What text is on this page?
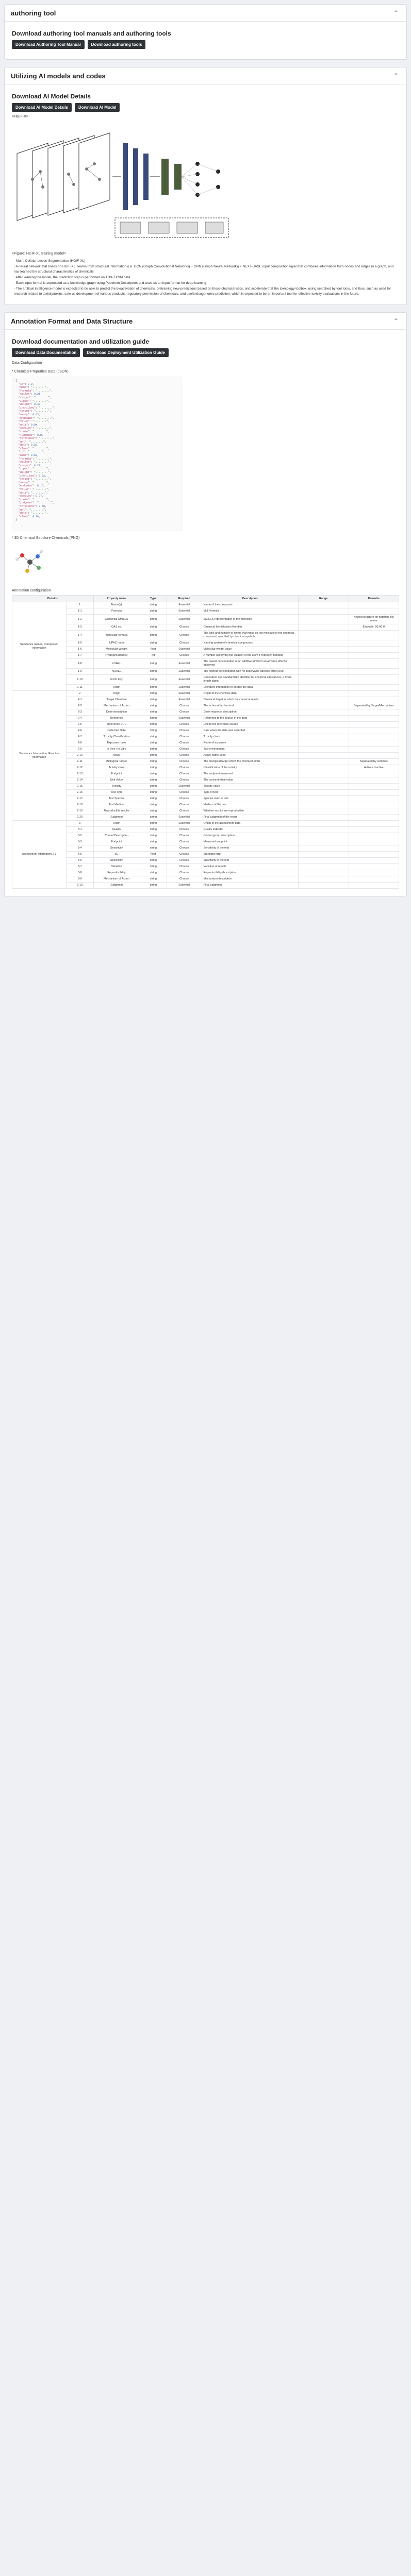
authoring tool	⌃
Download authoring tool manuals and authoring tools
Download Authoring Tool Manual	Download authoring tools
Utilizing AI models and codes	⌃
Download AI Model Details
Download AI Model Details	Download AI Model
<HGIF-X>
<Figure: HGIF-XL training model>

- Main: Cellular Lesion Segmentation (HGIF-XL)

: A neural network that builds on HGIF-XL: learns from structural information (i.e. GCN (Graph Convolutional Networks) + GNN (Graph Neural Network)) + NEXT-BASE input composition layer that combines information from nodes and edges in a graph, and has learned the structural characteristics of chemicals

: After learning the model, the prediction step is performed on TOX-TXSM data

- Each input format is expressed as a knowledge graph using Pubchem Descriptors and used as an input format for deep learning

- The artificial intelligence model is expected to be able to predict the bioactivation of chemicals, pretraining new predictions based on those characteristics, and accelerate that the toxicology toolbox, using searched by tool tools, and thus, such as used for research related to toxicity/toxins, safe as development of various products, regulatory permission of chemicals, and use/toxicogenomic prediction, which is expected to be an important tool for effective toxicity evaluations in the future.

Annotation Format and Data Structure	⌃
Download documentation and utilization guide
Download Data Documentation	Download Deployment Utilization Guide
Data Configuration
* Chemical Properties Data (JSON)
{
"id": 0.0,
"name": "........",
"formula": "........",
"smiles": 0.21,
"cas_no": "........",
"iupac": "........",
"weight": 0.42,
"inchi_key": "........",
"target": "........",
"assay": 0.63,
"endpoint": "........",
"value": "........",
"unit": 0.84,
"species": "........",
"route": "........",
"judgment": 0.8,
"reference": "........",
"url": "........",
"date": 0.29,
"class": "........",
"id": "........",
"name": 0.50,
"formula": "........",
"smiles": "........",
"cas_no": 0.71,
"iupac": "........",
"weight": "........",
"inchi_key": 0.92,
"target": "........",
"assay": "........",
"endpoint": 0.16,
"value": "........",
"unit": "........",
"species": 0.37,
"route": "........",
"judgment": "........",
"reference": 0.58,
"url": "........",
"date": "........",
"class": 0.79,
}
* 3D Chemical Structure Chemicals (PNG)
Annotation configuration
Division		Property name	Type	Required	Description	Range	Remarks
Substance names, Component Information	1	Name(s)	string	Essential	Name of the compound		
	1-1	Formula	string	Essential	Mol Formula		
	1-2	Canonical SMILES	string	Essential	SMILES representation of the molecule		Nested structure for notation, file name
	1-3	CAS no.	string	Choose	Chemical Identification Number		Example: 50-00-0
	1-4	molecular formula	string	Choose	The type and number of atoms that make up the molecule in the chemical compound, specified by chemical symbols		
	1-5	IUPAC name	string	Choose	Naming system of chemical compounds		
	1-6	Molecular Weight	float	Essential	Molecular weight value		
	1-7	Hydrogen bond(s)	int	Choose	A number specifying the location of the atom's hydrogen bonding		
	1-8	LOAEL	string	Essential	The lowest concentration of an additive at which an adverse effect is observed		
	1-9	NOAEL	string	Essential	The highest concentration with no observable adverse effect level		
	1-10	InChI Key	string	Essential	Dependent and standardized identifier for chemical substances, a fixed-length digest		
	1-11	Origin	string	Essential	Literature information to source the data		
Substance Information, Reactive Information	2	Origin	string	Essential	Origin of the chemical data		
	2-1	Target Chemical	string	Essential	Chemical target to which the chemical reacts		
	2-2	Mechanism of Action	string	Choose	The action of a chemical		Separated by Target/Mechanism
	2-3	Dose description	string	Choose	Dose-response description		
	2-4	Reference	string	Essential	Reference to the source of the data		
	2-5	Reference URL	string	Choose	Link to the reference source		
	2-6	Collected Date	string	Choose	Date when the data was collected		
	2-7	Toxicity Classification	string	Choose	Toxicity class		
	2-8	Exposure route	string	Choose	Route of exposure		
	2-9	In Vivo / In Vitro	string	Choose	Test environment		
	2-10	Assay	string	Choose	Assay name used		
	2-11	Biological Target	string	Choose	The biological target which the chemical binds		Separated by commas
	2-12	Activity class	string	Choose	Classification of the activity		Active / Inactive
	2-13	Endpoint	string	Choose	The endpoint measured		
	2-14	Unit Value	string	Choose	The concentration value		
	2-15	Toxicity	string	Essential	Toxicity value		
	2-16	Test Type	string	Choose	Type of test		
	2-17	Test Species	string	Choose	Species used in test		
	2-18	Test Medium	string	Choose	Medium of the test		
	2-19	Reproducible results	string	Choose	Whether results are reproducible		
	2-20	Judgment	string	Essential	Final judgment of the result		
Assessment information 2-3	3	Origin	string	Essential	Origin of the assessment data		
	3-1	Quality	string	Choose	Quality indicator		
	3-2	Control Description	string	Choose	Control group description		
	3-3	Endpoint	string	Choose	Measured endpoint		
	3-4	Sensitivity	string	Choose	Sensitivity of the test		
	3-5	SE	float	Choose	Standard error		
	3-6	Specificity	string	Choose	Specificity of the test		
	3-7	Variation	string	Choose	Variation of results		
	3-8	Reproducibility	string	Choose	Reproducibility description		
	3-9	Mechanism of Action	string	Choose	Mechanism description		
	3-10	Judgment	string	Essential	Final judgment		
